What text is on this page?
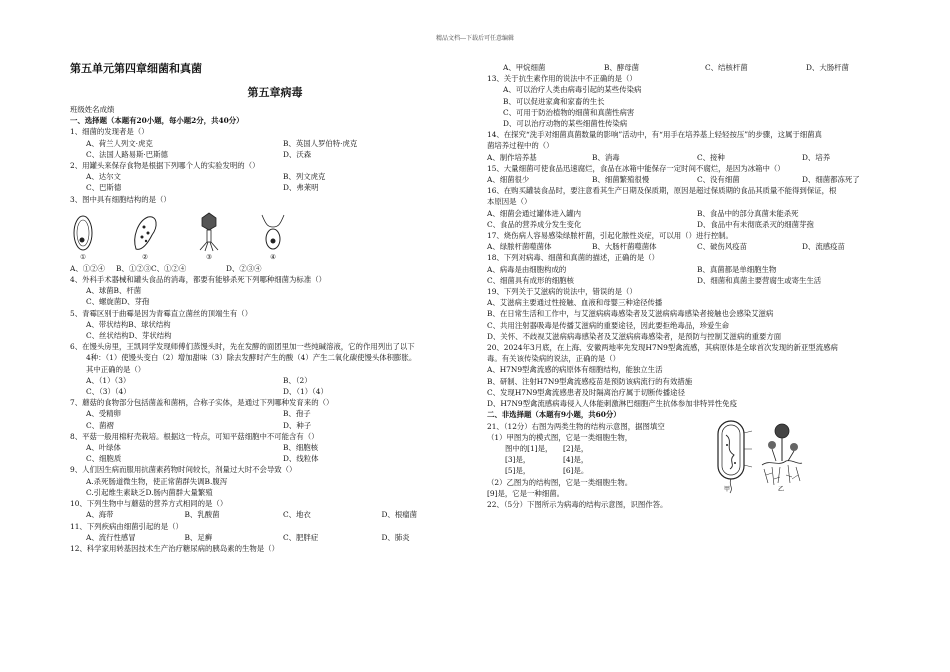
精品文档---下载后可任意编辑
第五单元第四章细菌和真菌
第五章病毒
班级姓名成绩
一、选择题（本题有20小题，每小题2分，共40分）
1、细菌的发现者是（）
A、荷兰人列文·虎克	B、英国人罗伯特·虎克
C、法国人路易斯·巴斯德	D、沃森
2、用罐头来保存食物是根据下列哪个人的实验发明的（）
A、达尔文	B、列文虎克
C、巴斯德	D、弗莱明
3、图中具有细胞结构的是（）
①	②	③	④
A、①②④	B、①②③C、①②④	D、②③④
4、外科手术器械和罐头食品的消毒，都要有能够杀死下列哪种细菌为标准（）
A、球菌B、杆菌
C、螺旋菌D、芽孢
5、青霉区别于曲霉是因为青霉直立菌丝的顶端生有（）
A、带状结构B、球状结构
C、丝状结构D、芽状结构
6、在馒头房里，王凯同学发现师傅们蒸馒头时，先在发酵的面团里加一些纯碱溶液，它的作用列出了以下
4种：（1）使馒头变白（2）增加甜味（3）除去发酵时产生的酸（4）产生二氧化碳使馒头体积膨胀。
其中正确的是（）
A、（1）（3）	B、（2）
C、（3）（4）	D、（1）（4）
7、蘑菇的食物部分包括菌盖和菌柄，合称子实体，是通过下列哪种发育来的（）
A、受精卵	B、孢子
C、菌褶	D、种子
8、平菇一般用棉籽壳栽培。根据这一特点，可知平菇细胞中不可能含有（）
A、叶绿体	B、细胞核
C、细胞质	D、线粒体
9、人们因生病而服用抗菌素药物时间较长，剂量过大时不会导致（）
A.杀死肠道微生物，使正常菌群失调B.腹泻
C.引起维生素缺乏D.肠内菌群大量繁殖
10、下列生物中与蘑菇的营养方式相同的是（）
A、海带	B、乳酸菌	C、地衣	D、根瘤菌
11、下列疾病由细菌引起的是（）
A、流行性感冒	B、足癣	C、肥胖症	D、肺炎
12、科学家用转基因技术生产治疗糖尿病的胰岛素的生物是（）
A、甲烷细菌	B、酵母菌	C、结核杆菌	D、大肠杆菌
13、关于抗生素作用的说法中不正确的是（）
A、可以治疗人类由病毒引起的某些传染病
B、可以促进家禽和家畜的生长
C、可用于防治植物的细菌和真菌性病害
D、可以治疗动物的某些细菌性传染病
14、在探究“洗手对细菌真菌数量的影响”活动中，有“用手在培养基上轻轻按压”的步骤，这属于细菌真
菌培养过程中的（）
A、制作培养基	B、消毒	C、接种	D、培养
15、大量细菌可使食品迅速腐烂，食品在冰箱中能保存一定时间不腐烂，是因为冰箱中（）
A、细菌很少	B、细菌繁殖很慢	C、没有细菌	D、细菌都冻死了
16、在购买罐装食品时，要注意看其生产日期及保质期，原因是超过保质期的食品其质量不能得到保证，根
本原因是（）
A、细菌会通过罐体进入罐内	B、食品中的部分真菌未能杀死
C、食品的营养成分发生变化	D、食品中有未彻底杀灭的细菌芽孢
17、烧伤病人容易感染绿脓杆菌，引起化脓性炎症，可以用（）进行控制。
A、绿脓杆菌噬菌体	B、大肠杆菌噬菌体	C、破伤风疫苗	D、流感疫苗
18、下列对病毒、细菌和真菌的描述，正确的是（）
A、病毒是由细胞构成的	B、真菌都是单细胞生物
C、细菌具有成形的细胞核	D、细菌和真菌主要营腐生或寄生生活
19、下列关于艾滋病的说法中，错误的是（）
A、艾滋病主要通过性接触、血液和母婴三种途径传播
B、在日常生活和工作中，与艾滋病病毒感染者及艾滋病病毒感染者接触也会感染艾滋病
C、共用注射器吸毒是传播艾滋病的重要途径，因此要拒绝毒品，珍爱生命
D、关怀、不歧视艾滋病病毒感染者及艾滋病病毒感染者，是预防与控制艾滋病的重要方面
20、2024年3月底，在上海、安徽两地率先发现H7N9型禽流感，其病原体是全球首次发现的新亚型流感病
毒。有关该传染病的说法，正确的是（）
A、H7N9型禽流感的病原体有细胞结构，能独立生活
B、研制、注射H7N9型禽流感疫苗是预防该病流行的有效措施
C、发现H7N9型禽流感患者及时隔离治疗属于切断传播途径
D、H7N9型禽流感病毒侵入人体能刺激淋巴细胞产生抗体参加非特异性免疫
二、非选择题（本题有9小题，共60分）
21、（12分）右图为两类生物的结构示意图，据图填空
（1）甲图为的模式图，它是一类细胞生物，
图中的[1]是，	[2]是，
[3]是，	[4]是，
[5]是，	[6]是。
（2）乙图为的结构图，它是一类细胞生物。
[9]是，它是一种细菌。	甲	乙
22、（5分）下图所示为病毒的结构示意图，识图作答。
